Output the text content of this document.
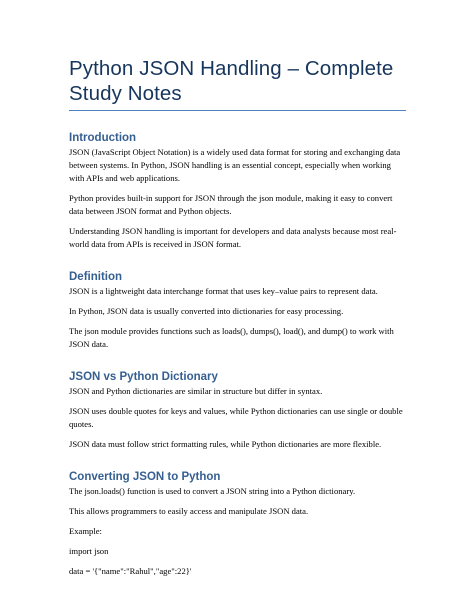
Python JSON Handling – Complete
Study Notes
Introduction

JSON (JavaScript Object Notation) is a widely used data format for storing and exchanging data between systems. In Python, JSON handling is an essential concept, especially when working with APIs and web applications.

Python provides built-in support for JSON through the json module, making it easy to convert data between JSON format and Python objects.

Understanding JSON handling is important for developers and data analysts because most real-world data from APIs is received in JSON format.

Definition

JSON is a lightweight data interchange format that uses key–value pairs to represent data.

In Python, JSON data is usually converted into dictionaries for easy processing.

The json module provides functions such as loads(), dumps(), load(), and dump() to work with JSON data.

JSON vs Python Dictionary

JSON and Python dictionaries are similar in structure but differ in syntax.

JSON uses double quotes for keys and values, while Python dictionaries can use single or double quotes.

JSON data must follow strict formatting rules, while Python dictionaries are more flexible.

Converting JSON to Python

The json.loads() function is used to convert a JSON string into a Python dictionary.

This allows programmers to easily access and manipulate JSON data.

Example:

import json

data = '{"name":"Rahul","age":22}'
